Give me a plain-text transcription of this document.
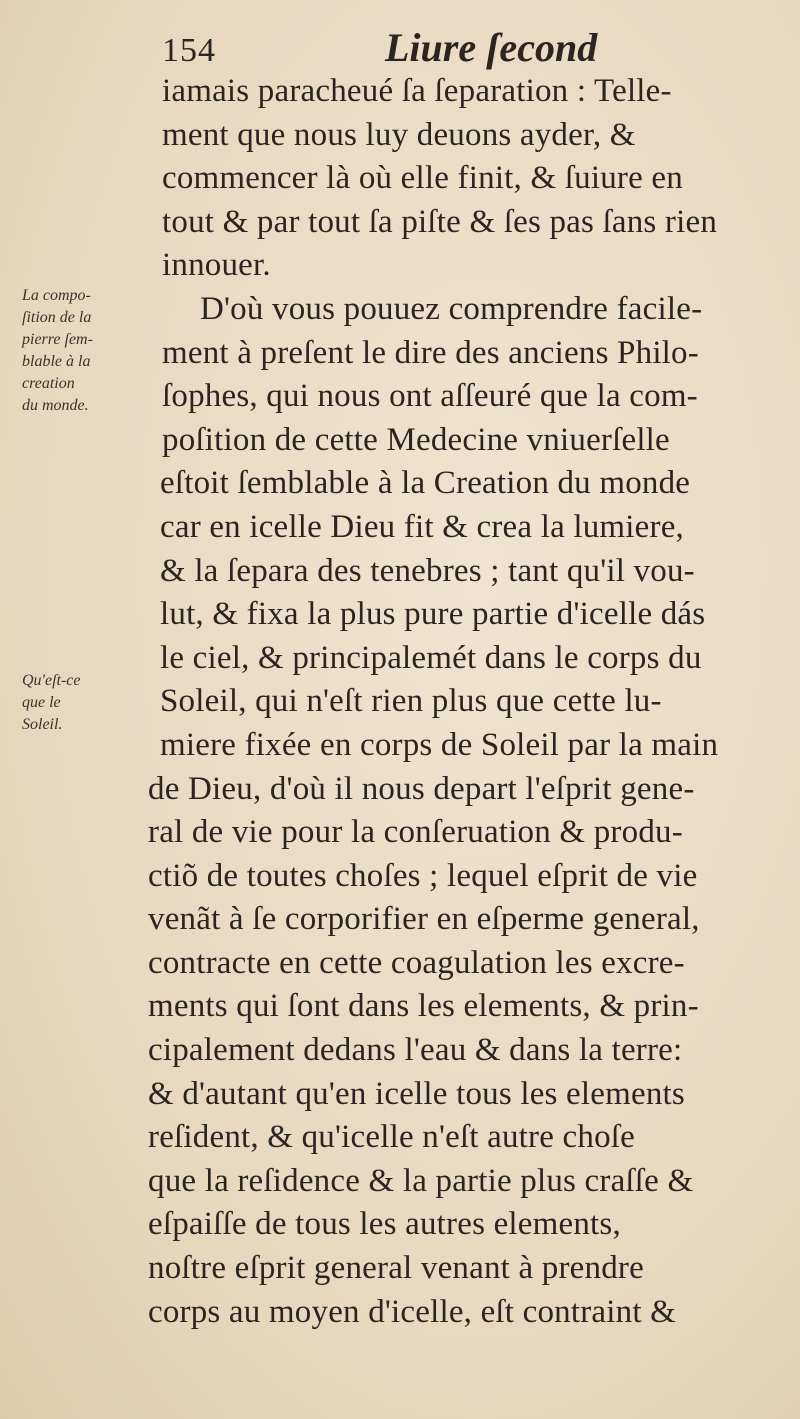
154	Liure ſecond
La compo-
ſition de la
pierre ſem-
blable à la
creation
du monde.
Qu'eſt-ce
que le
Soleil.
iamais paracheué ſa ſeparation : Telle-
ment que nous luy deuons ayder, &
commencer là où elle finit, & ſuiure en
tout & par tout ſa piſte & ſes pas ſans rien
innouer.
D'où vous pouuez comprendre facile-
ment à preſent le dire des anciens Philo-
ſophes, qui nous ont aſſeuré que la com-
poſition de cette Medecine vniuerſelle
eſtoit ſemblable à la Creation du monde
car en icelle Dieu fit & crea la lumiere,
& la ſepara des tenebres ; tant qu'il vou-
lut, & fixa la plus pure partie d'icelle dás
le ciel, & principalemét dans le corps du
Soleil, qui n'eſt rien plus que cette lu-
miere fixée en corps de Soleil par la main
de Dieu, d'où il nous depart l'eſprit gene-
ral de vie pour la conſeruation & produ-
ctiõ de toutes choſes ; lequel eſprit de vie
venãt à ſe corporifier en eſperme general,
contracte en cette coagulation les excre-
ments qui ſont dans les elements, & prin-
cipalement dedans l'eau & dans la terre:
& d'autant qu'en icelle tous les elements
reſident, & qu'icelle n'eſt autre choſe
que la reſidence & la partie plus craſſe &
eſpaiſſe de tous les autres elements,
noſtre eſprit general venant à prendre
corps au moyen d'icelle, eſt contraint &
